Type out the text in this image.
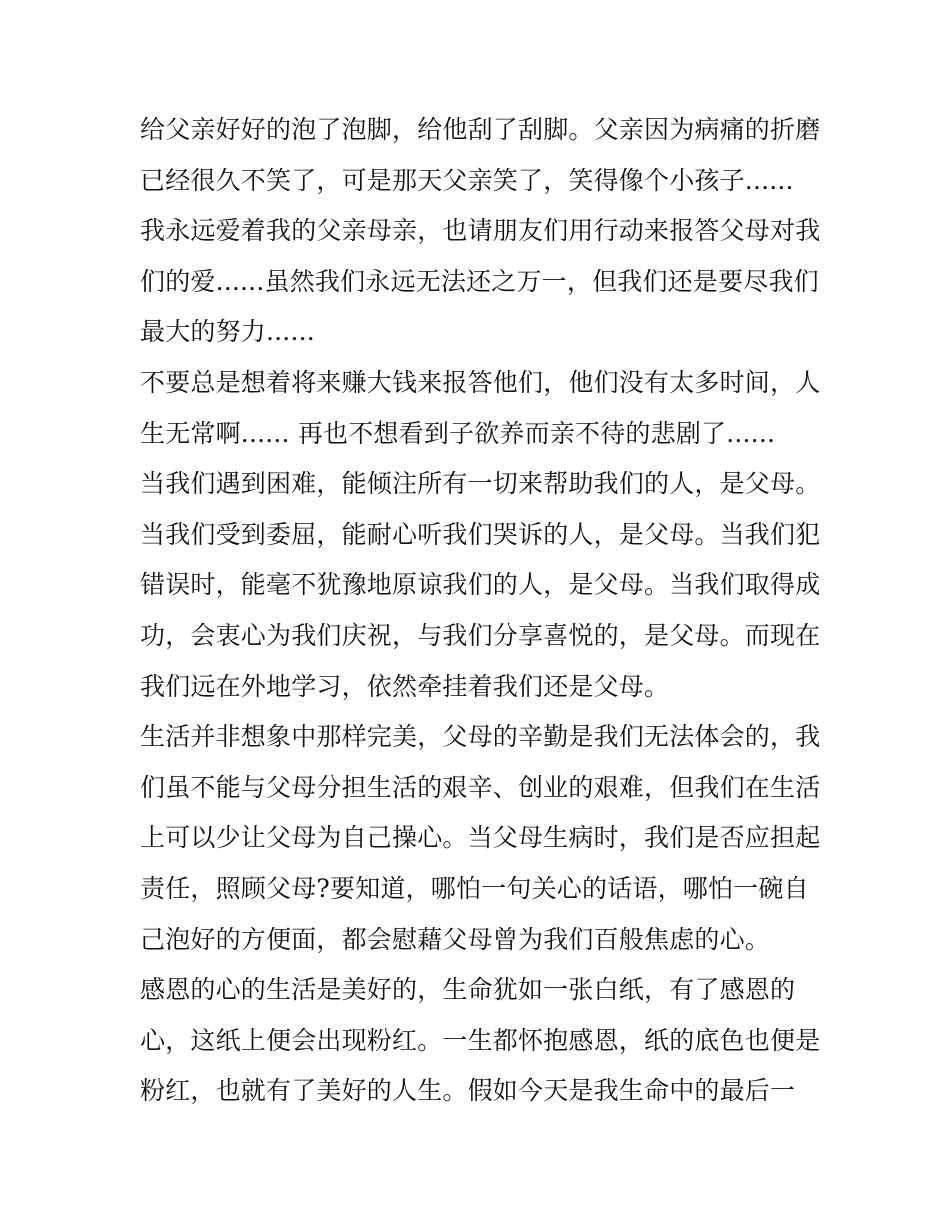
给父亲好好的泡了泡脚，给他刮了刮脚。父亲因为病痛的折磨
已经很久不笑了，可是那天父亲笑了，笑得像个小孩子......
我永远爱着我的父亲母亲，也请朋友们用行动来报答父母对我
们的爱......虽然我们永远无法还之万一，但我们还是要尽我们
最大的努力......
不要总是想着将来赚大钱来报答他们，他们没有太多时间，人
生无常啊...... 再也不想看到子欲养而亲不待的悲剧了......
当我们遇到困难，能倾注所有一切来帮助我们的人，是父母。
当我们受到委屈，能耐心听我们哭诉的人，是父母。当我们犯
错误时，能毫不犹豫地原谅我们的人，是父母。当我们取得成
功，会衷心为我们庆祝，与我们分享喜悦的，是父母。而现在
我们远在外地学习，依然牵挂着我们还是父母。
生活并非想象中那样完美，父母的辛勤是我们无法体会的，我
们虽不能与父母分担生活的艰辛、创业的艰难，但我们在生活
上可以少让父母为自己操心。当父母生病时，我们是否应担起
责任，照顾父母?要知道，哪怕一句关心的话语，哪怕一碗自
己泡好的方便面，都会慰藉父母曾为我们百般焦虑的心。
感恩的心的生活是美好的，生命犹如一张白纸，有了感恩的
心，这纸上便会出现粉红。一生都怀抱感恩，纸的底色也便是
粉红，也就有了美好的人生。假如今天是我生命中的最后一
